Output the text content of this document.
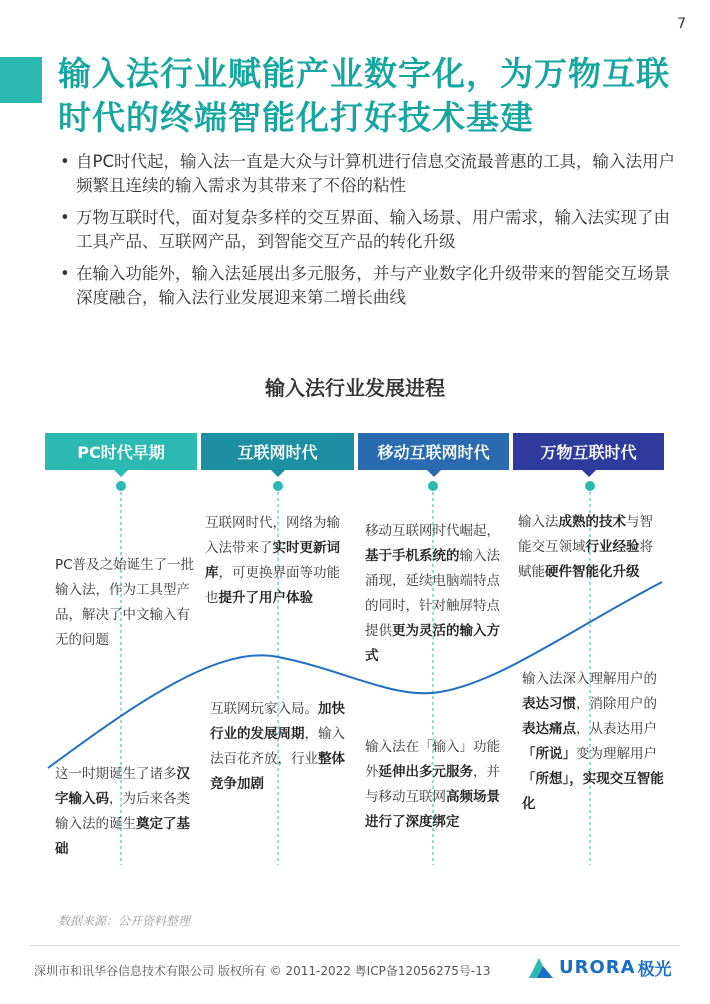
7
输入法行业赋能产业数字化，为万物互联时代的终端智能化打好技术基建
• 自PC时代起，输入法一直是大众与计算机进行信息交流最普惠的工具，输入法用户频繁且连续的输入需求为其带来了不俗的粘性
• 万物互联时代，面对复杂多样的交互界面、输入场景、用户需求，输入法实现了由工具产品、互联网产品，到智能交互产品的转化升级
• 在输入功能外，输入法延展出多元服务，并与产业数字化升级带来的智能交互场景深度融合，输入法行业发展迎来第二增长曲线
输入法行业发展进程
PC时代早期	互联网时代	移动互联网时代	万物互联时代
PC普及之始诞生了一批输入法，作为工具型产品，解决了中文输入有无的问题
这一时期诞生了诸多汉字输入码，为后来各类输入法的诞生奠定了基础
互联网时代，网络为输入法带来了实时更新词库，可更换界面等功能也提升了用户体验
互联网玩家入局。加快行业的发展周期，输入法百花齐放，行业整体竞争加剧
移动互联网时代崛起，基于手机系统的输入法涌现，延续电脑端特点的同时，针对触屏特点提供更为灵活的输入方式
输入法在「输入」功能外延伸出多元服务，并与移动互联网高频场景进行了深度绑定
输入法成熟的技术与智能交互领域行业经验将赋能硬件智能化升级
输入法深入理解用户的表达习惯，消除用户的表达痛点，从表达用户「所说」变为理解用户「所想」，实现交互智能化
数据来源：公开资料整理
深圳市和讯华谷信息技术有限公司 版权所有 © 2011-2022 粤ICP备12056275号-13	URORA 极光
